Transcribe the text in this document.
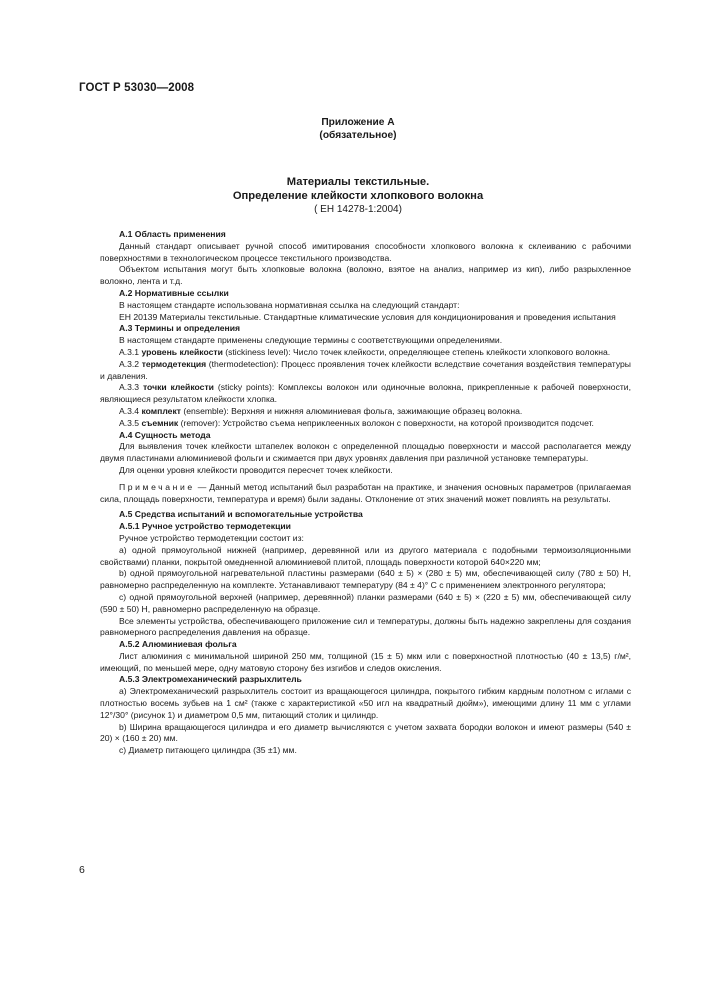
ГОСТ Р 53030—2008
Приложение А
(обязательное)
Материалы текстильные.
Определение клейкости хлопкового волокна
( ЕН 14278-1:2004)

А.1 Область применения

Данный стандарт описывает ручной способ имитирования способности хлопкового волокна к склеиванию с рабочими поверхностями в технологическом процессе текстильного производства.

Объектом испытания могут быть хлопковые волокна (волокно, взятое на анализ, например из кип), либо разрыхленное волокно, лента и т.д.

А.2 Нормативные ссылки

В настоящем стандарте использована нормативная ссылка на следующий стандарт:

ЕН 20139 Материалы текстильные. Стандартные климатические условия для кондиционирования и проведения испытания

А.3 Термины и определения

В настоящем стандарте применены следующие термины с соответствующими определениями.

А.3.1 уровень клейкости (stickiness level): Число точек клейкости, определяющее степень клейкости хлопкового волокна.

А.3.2 термодетекция (thermodetection): Процесс проявления точек клейкости вследствие сочетания воздействия температуры и давления.

А.3.3 точки клейкости (sticky points): Комплексы волокон или одиночные волокна, прикрепленные к рабочей поверхности, являющиеся результатом клейкости хлопка.

А.3.4 комплект (ensemble): Верхняя и нижняя алюминиевая фольга, зажимающие образец волокна.

А.3.5 съемник (remover): Устройство съема неприклеенных волокон с поверхности, на которой производится подсчет.

А.4 Сущность метода

Для выявления точек клейкости штапелек волокон с определенной площадью поверхности и массой располагается между двумя пластинами алюминиевой фольги и сжимается при двух уровнях давления при различной установке температуры.

Для оценки уровня клейкости проводится пересчет точек клейкости.

Примечание — Данный метод испытаний был разработан на практике, и значения основных параметров (прилагаемая сила, площадь поверхности, температура и время) были заданы. Отклонение от этих значений может повлиять на результаты.

А.5 Средства испытаний и вспомогательные устройства

А.5.1 Ручное устройство термодетекции

Ручное устройство термодетекции состоит из:

a) одной прямоугольной нижней (например, деревянной или из другого материала с подобными термоизоляционными свойствами) планки, покрытой омедненной алюминиевой плитой, площадь поверхности которой 640×220 мм;

b) одной прямоугольной нагревательной пластины размерами (640 ± 5) × (280 ± 5) мм, обеспечивающей силу (780 ± 50) Н, равномерно распределенную на комплекте. Устанавливают температуру (84 ± 4)° С с применением электронного регулятора;

c) одной прямоугольной верхней (например, деревянной) планки размерами (640 ± 5) × (220 ± 5) мм, обеспечивающей силу (590 ± 50) Н, равномерно распределенную на образце.

Все элементы устройства, обеспечивающего приложение сил и температуры, должны быть надежно закреплены для создания равномерного распределения давления на образце.

А.5.2 Алюминиевая фольга

Лист алюминия с минимальной шириной 250 мм, толщиной (15 ± 5) мкм или с поверхностной плотностью (40 ± 13,5) г/м², имеющий, по меньшей мере, одну матовую сторону без изгибов и следов окисления.

А.5.3 Электромеханический разрыхлитель

a) Электромеханический разрыхлитель состоит из вращающегося цилиндра, покрытого гибким кардным полотном с иглами с плотностью восемь зубьев на 1 см² (также с характеристикой «50 игл на квадратный дюйм»), имеющими длину 11 мм с углами 12°/30° (рисунок 1) и диаметром 0,5 мм, питающий столик и цилиндр.

b) Ширина вращающегося цилиндра и его диаметр вычисляются с учетом захвата бородки волокон и имеют размеры (540 ± 20) × (160 ± 20) мм.

c) Диаметр питающего цилиндра (35 ±1) мм.

6
